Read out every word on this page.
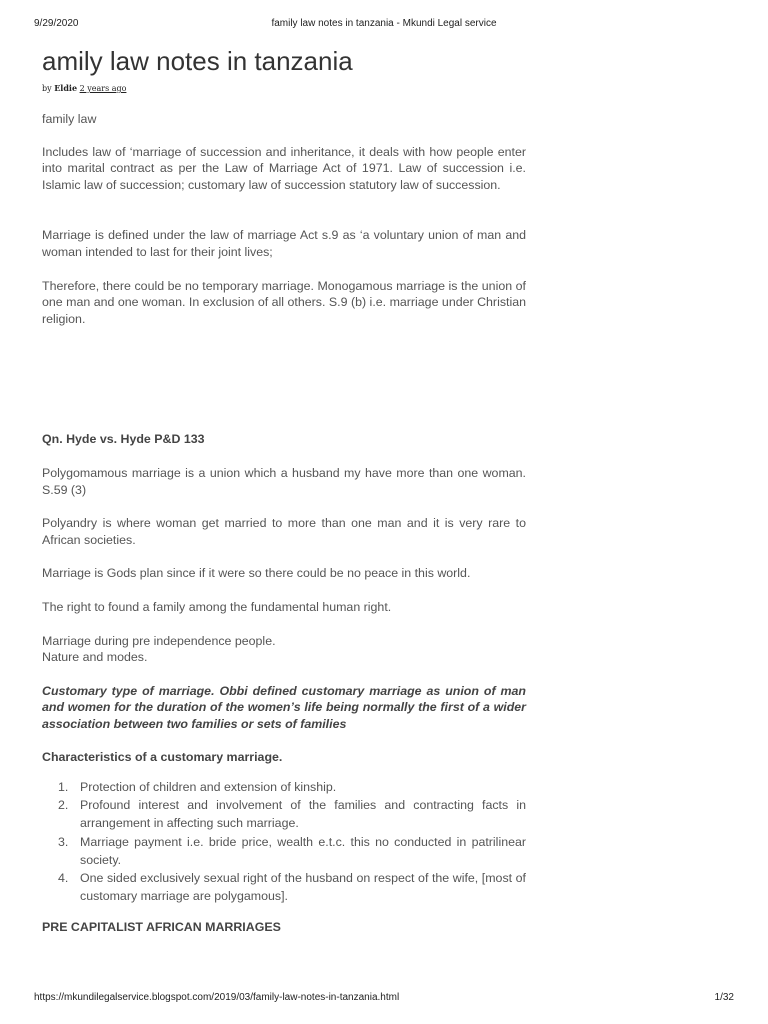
9/29/2020	family law notes in tanzania - Mkundi Legal service
amily law notes in tanzania
by Eldie 2 years ago

family law

Includes law of ‘marriage of succession and inheritance, it deals with how people enter into marital contract as per the Law of Marriage Act of 1971. Law of succession i.e. Islamic law of succession; customary law of succession statutory law of succession.

Marriage is defined under the law of marriage Act s.9 as ‘a voluntary union of man and woman intended to last for their joint lives;

Therefore, there could be no temporary marriage. Monogamous marriage is the union of one man and one woman. In exclusion of all others. S.9 (b) i.e. marriage under Christian religion.

Qn. Hyde vs. Hyde P&D 133

Polygomamous marriage is a union which a husband my have more than one woman. S.59 (3)

Polyandry is where woman get married to more than one man and it is very rare to African societies.

Marriage is Gods plan since if it were so there could be no peace in this world.

The right to found a family among the fundamental human right.

Marriage during pre independence people.

Nature and modes.

Customary type of marriage. Obbi defined customary marriage as union of man and women for the duration of the women’s life being normally the first of a wider association between two families or sets of families

Characteristics of a customary marriage.

1. Protection of children and extension of kinship.
2. Profound interest and involvement of the families and contracting facts in arrangement in affecting such marriage.
3. Marriage payment i.e. bride price, wealth e.t.c. this no conducted in patrilinear society.
4. One sided exclusively sexual right of the husband on respect of the wife, [most of customary marriage are polygamous].

PRE CAPITALIST AFRICAN MARRIAGES

https://mkundilegalservice.blogspot.com/2019/03/family-law-notes-in-tanzania.html	1/32
